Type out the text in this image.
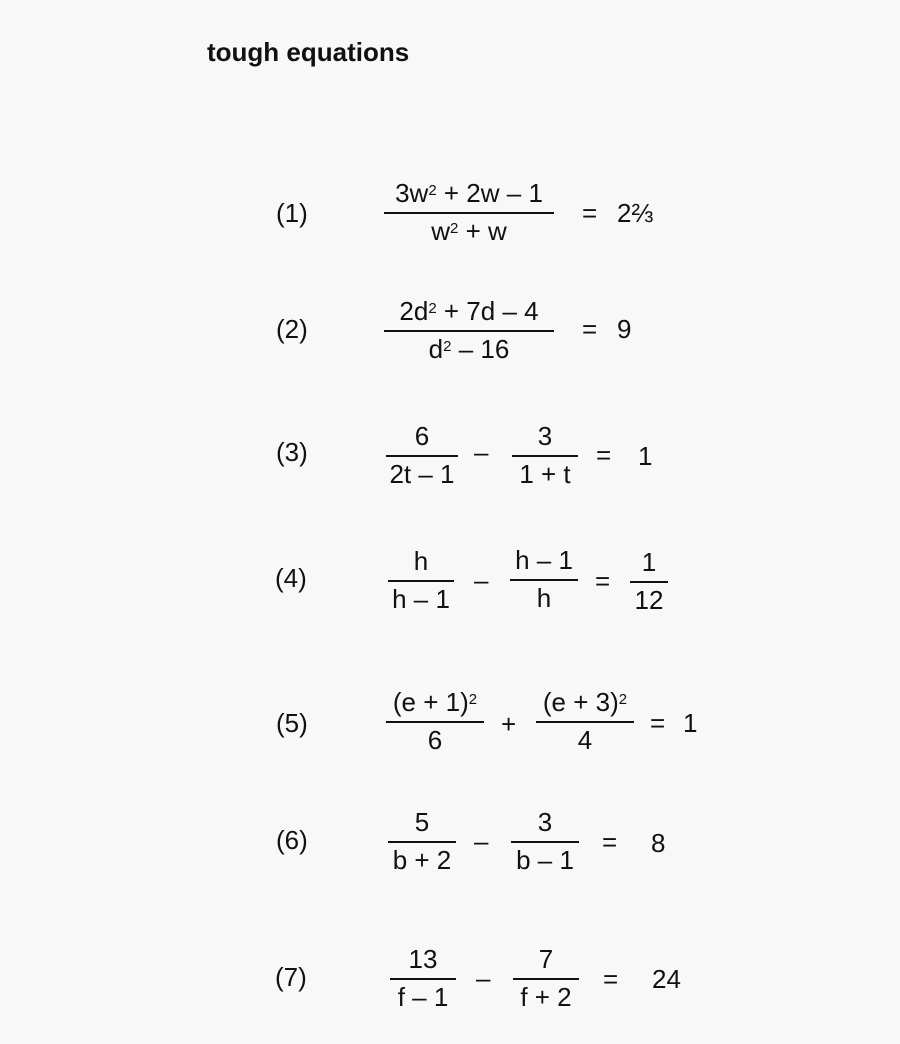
tough equations
(1)
$3w^2 + 2w - 1$
$w^2 + w$
= 2⅔
(2)
$2d^2 + 7d - 4$
$d^2 - 16$
= 9
(3)
6
2t – 1
–
3
1 + t
= 1
(4)
h
h – 1
–
h – 1
h
=
1
12
(5)
$(e + 1)^2$
6
+
$(e + 3)^2$
4
= 1
(6)
5
b + 2
–
3
b – 1
= 8
(7)
13
f – 1
–
7
f + 2
= 24
